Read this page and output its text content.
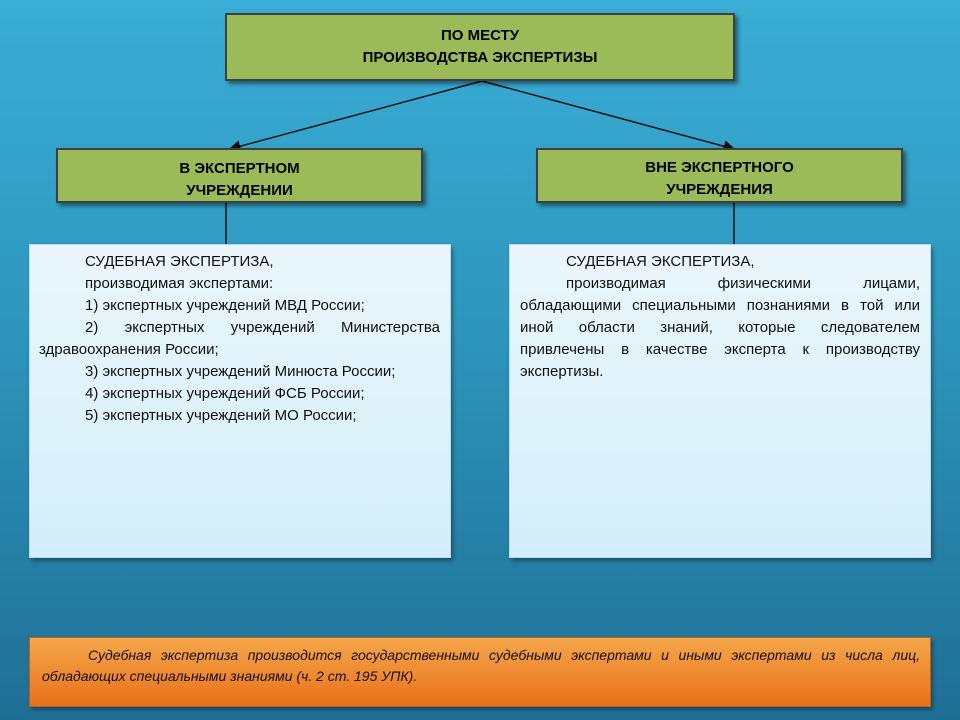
ПО МЕСТУ
ПРОИЗВОДСТВА ЭКСПЕРТИЗЫ
В ЭКСПЕРТНОМ
УЧРЕЖДЕНИИ
ВНЕ ЭКСПЕРТНОГО
УЧРЕЖДЕНИЯ

СУДЕБНАЯ ЭКСПЕРТИЗА,

производимая экспертами:

1) экспертных учреждений МВД России;

2) экспертных учреждений Министерства здравоохранения России;

3) экспертных учреждений Минюста России;

4) экспертных учреждений ФСБ России;

5) экспертных учреждений МО России;

СУДЕБНАЯ ЭКСПЕРТИЗА,

производимая физическими лицами, обладающими специальными познаниями в той или иной области знаний, которые следователем привлечены в качестве эксперта к производству экспертизы.

Судебная экспертиза производится государственными судебными экспертами и иными экспертами из числа лиц, обладающих специальными знаниями (ч. 2 ст. 195 УПК).
